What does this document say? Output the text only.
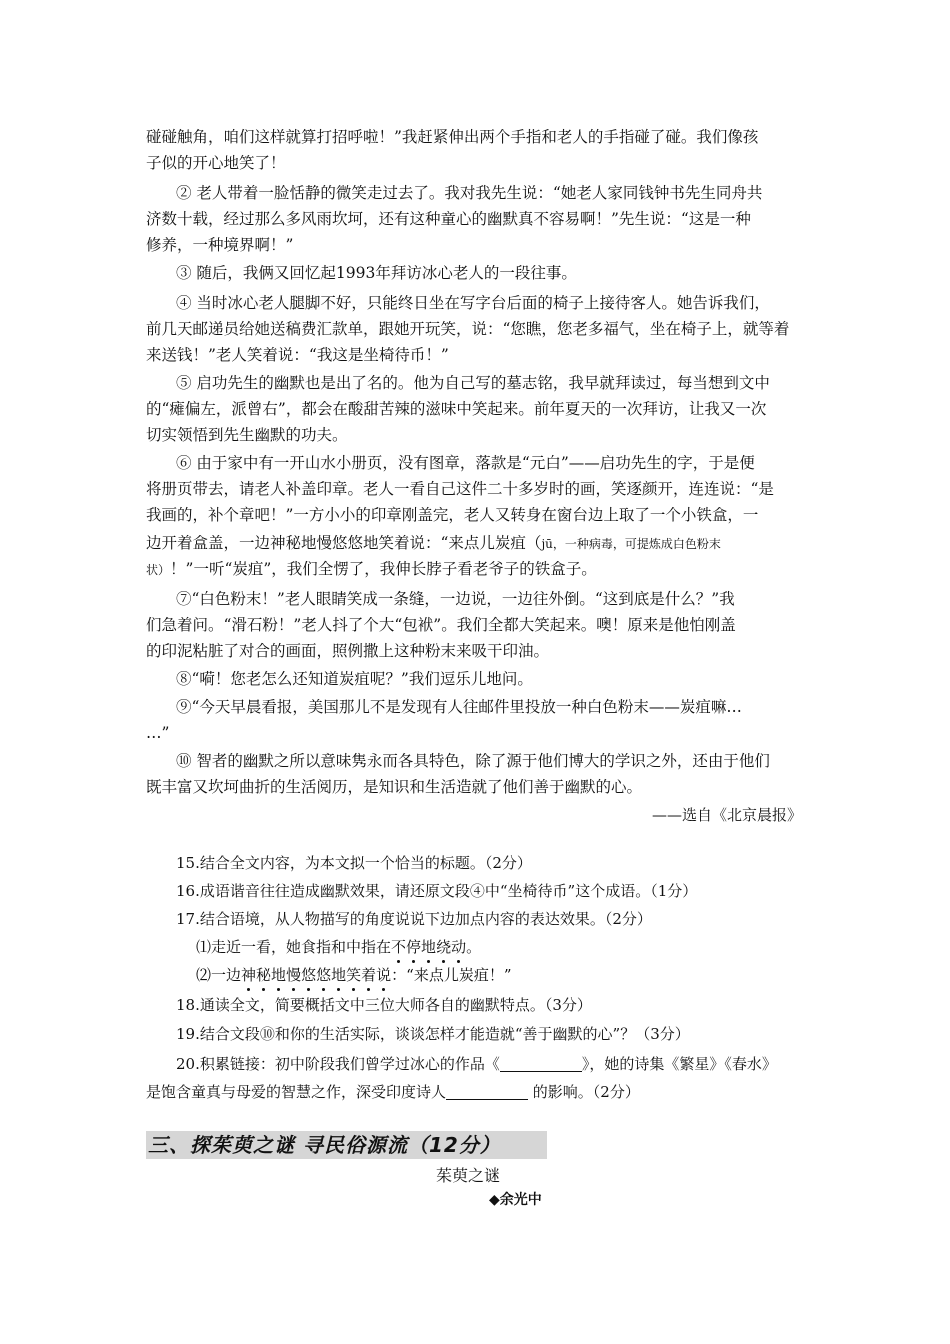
碰碰触角，咱们这样就算打招呼啦！”我赶紧伸出两个手指和老人的手指碰了碰。我们像孩
子似的开心地笑了！
② 老人带着一脸恬静的微笑走过去了。我对我先生说：“她老人家同钱钟书先生同舟共
济数十载，经过那么多风雨坎坷，还有这种童心的幽默真不容易啊！”先生说：“这是一种
修养，一种境界啊！”
③ 随后，我俩又回忆起1993年拜访冰心老人的一段往事。
④ 当时冰心老人腿脚不好，只能终日坐在写字台后面的椅子上接待客人。她告诉我们，
前几天邮递员给她送稿费汇款单，跟她开玩笑，说：“您瞧，您老多福气，坐在椅子上，就等着
来送钱！”老人笑着说：“我这是坐椅待币！”
⑤ 启功先生的幽默也是出了名的。他为自己写的墓志铭，我早就拜读过，每当想到文中
的“瘫偏左，派曾右”，都会在酸甜苦辣的滋味中笑起来。前年夏天的一次拜访，让我又一次
切实领悟到先生幽默的功夫。
⑥ 由于家中有一开山水小册页，没有图章，落款是“元白”——启功先生的字，于是便
将册页带去，请老人补盖印章。老人一看自己这件二十多岁时的画，笑逐颜开，连连说：“是
我画的，补个章吧！”一方小小的印章刚盖完，老人又转身在窗台边上取了一个小铁盒，一
边开着盒盖，一边神秘地慢悠悠地笑着说：“来点儿炭疽（jū，一种病毒，可提炼成白色粉末
状）！”一听“炭疽”，我们全愣了，我伸长脖子看老爷子的铁盒子。
⑦“白色粉末！”老人眼睛笑成一条缝，一边说，一边往外倒。“这到底是什么？”我
们急着问。“滑石粉！”老人抖了个大“包袱”。我们全都大笑起来。噢！原来是他怕刚盖
的印泥粘脏了对合的画面，照例撒上这种粉末来吸干印油。
⑧“嗬！您老怎么还知道炭疽呢？”我们逗乐儿地问。
⑨“今天早晨看报，美国那儿不是发现有人往邮件里投放一种白色粉末——炭疽嘛…
…”
⑩ 智者的幽默之所以意味隽永而各具特色，除了源于他们博大的学识之外，还由于他们
既丰富又坎坷曲折的生活阅历，是知识和生活造就了他们善于幽默的心。
——选自《北京晨报》
15.结合全文内容，为本文拟一个恰当的标题。（2分）
16.成语谐音往往造成幽默效果，请还原文段④中“坐椅待币”这个成语。（1分）
17.结合语境，从人物描写的角度说说下边加点内容的表达效果。（2分）
⑴走近一看，她食指和中指在不停地绕动。
⑵一边神秘地慢悠悠地笑着说：“来点儿炭疽！”
18.通读全文，简要概括文中三位大师各自的幽默特点。（3分）
19.结合文段⑩和你的生活实际，谈谈怎样才能造就“善于幽默的心”？（3分）
20.积累链接：初中阶段我们曾学过冰心的作品《	》，她的诗集《繁星》《春水》
是饱含童真与母爱的智慧之作，深受印度诗人	的影响。（2分）
三、探茱萸之谜 寻民俗源流（12分）
茱萸之谜
◆余光中
